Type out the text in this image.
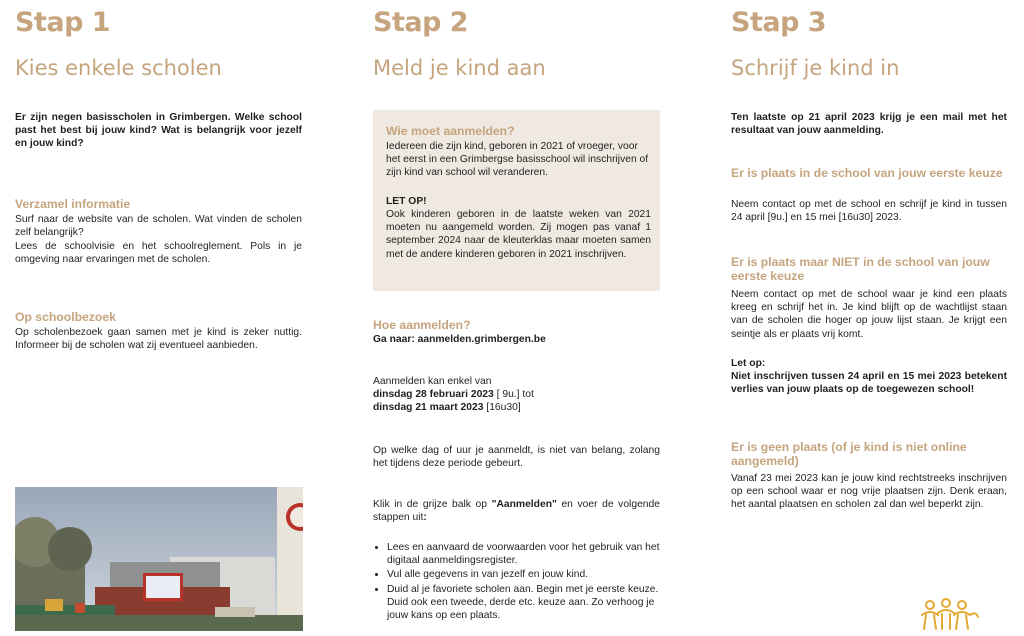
Stap 1
Kies enkele scholen

Er zijn negen basisscholen in Grimbergen. Welke school past het best bij jouw kind? Wat is belangrijk voor jezelf en jouw kind?

Verzamel informatie

Surf naar de website van de scholen. Wat vinden de scholen zelf belangrijk?

Lees de schoolvisie en het schoolreglement. Pols in je omgeving naar ervaringen met de scholen.

Op schoolbezoek

Op scholenbezoek gaan samen met je kind is zeker nuttig. Informeer bij de scholen wat zij eventueel aanbieden.

Stap 2
Meld je kind aan
Wie moet aanmelden?

Iedereen die zijn kind, geboren in 2021 of vroeger, voor het eerst in een Grimbergse basisschool wil inschrijven of zijn kind van school wil veranderen.

LET OP!

Ook kinderen geboren in de laatste weken van 2021 moeten nu aangemeld worden. Zij mogen pas vanaf 1 september 2024 naar de kleuterklas maar moeten samen met de andere kinderen geboren in 2021 inschrijven.

Hoe aanmelden?

Ga naar: aanmelden.grimbergen.be

Aanmelden kan enkel van
dinsdag 28 februari 2023 [ 9u.] tot
dinsdag 21 maart 2023 [16u30]

Op welke dag of uur je aanmeldt, is niet van belang, zolang het tijdens deze periode gebeurt.

Klik in de grijze balk op "Aanmelden" en voer de volgende stappen uit:

• Lees en aanvaard de voorwaarden voor het gebruik van het digitaal aanmeldingsregister.
• Vul alle gegevens in van jezelf en jouw kind.
• Duid al je favoriete scholen aan. Begin met je eerste keuze. Duid ook een tweede, derde etc. keuze aan. Zo verhoog je jouw kans op een plaats.
Stap 3
Schrijf je kind in

Ten laatste op 21 april 2023 krijg je een mail met het resultaat van jouw aanmelding.

Er is plaats in de school van jouw eerste keuze

Neem contact op met de school en schrijf je kind in tussen 24 april [9u.] en 15 mei [16u30] 2023.

Er is plaats maar NIET in de school van jouw eerste keuze

Neem contact op met de school waar je kind een plaats kreeg en schrijf het in. Je kind blijft op de wachtlijst staan van de scholen die hoger op jouw lijst staan. Je krijgt een seintje als er plaats vrij komt.

Let op:

Niet inschrijven tussen 24 april en 15 mei 2023 betekent verlies van jouw plaats op de toegewezen school!

Er is geen plaats (of je kind is niet online aangemeld)

Vanaf 23 mei 2023 kan je jouw kind rechtstreeks inschrijven op een school waar er nog vrije plaatsen zijn. Denk eraan, het aantal plaatsen en scholen zal dan wel beperkt zijn.
